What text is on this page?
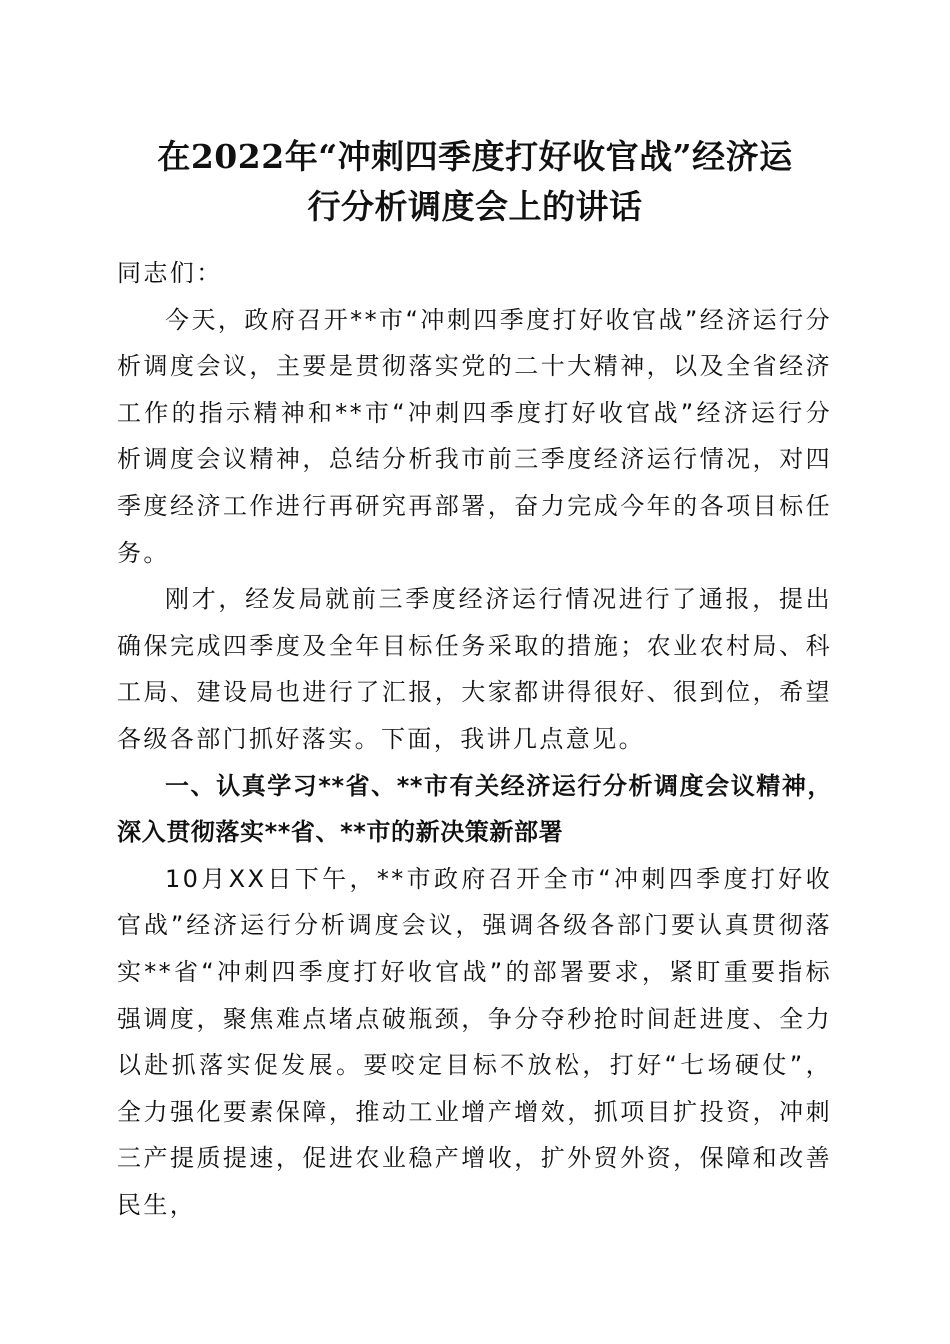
在2022年“冲刺四季度打好收官战”经济运
行分析调度会上的讲话

同志们：

今天，政府召开**市“冲刺四季度打好收官战”经济运行分析调度会议，主要是贯彻落实党的二十大精神，以及全省经济工作的指示精神和**市“冲刺四季度打好收官战”经济运行分析调度会议精神，总结分析我市前三季度经济运行情况，对四季度经济工作进行再研究再部署，奋力完成今年的各项目标任务。

刚才，经发局就前三季度经济运行情况进行了通报，提出确保完成四季度及全年目标任务采取的措施；农业农村局、科工局、建设局也进行了汇报，大家都讲得很好、很到位，希望各级各部门抓好落实。下面，我讲几点意见。

一、认真学习**省、**市有关经济运行分析调度会议精神，深入贯彻落实**省、**市的新决策新部署

10月XX日下午，**市政府召开全市“冲刺四季度打好收官战”经济运行分析调度会议，强调各级各部门要认真贯彻落实**省“冲刺四季度打好收官战”的部署要求，紧盯重要指标强调度，聚焦难点堵点破瓶颈，争分夺秒抢时间赶进度、全力以赴抓落实促发展。要咬定目标不放松，打好“七场硬仗”，全力强化要素保障，推动工业增产增效，抓项目扩投资，冲刺三产提质提速，促进农业稳产增收，扩外贸外资，保障和改善民生，
